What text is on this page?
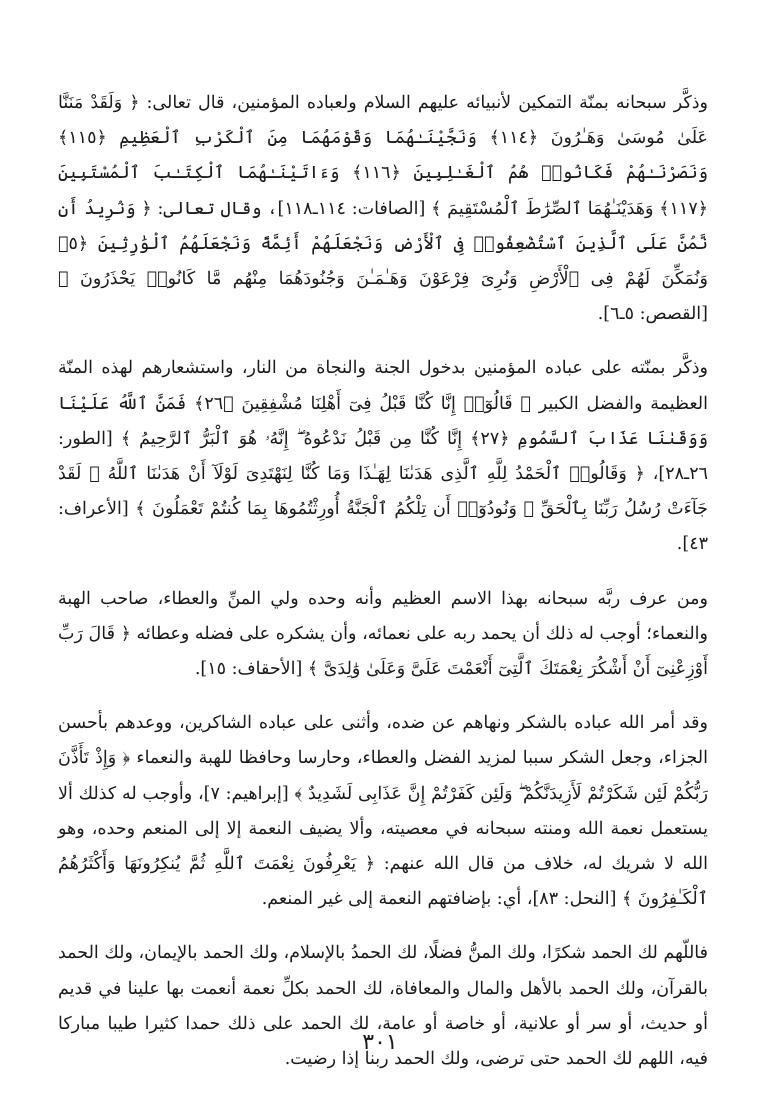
وذكَّر سبحانه بمنّة التمكين لأنبيائه عليهم السلام ولعباده المؤمنين، قال تعالى: ﴿ وَلَقَدْ مَنَنَّا عَلَىٰ مُوسَىٰ وَهَـٰرُونَ ﴿١١٤﴾ وَنَجَّيْنَـٰهُمَا وَقَوْمَهُمَا مِنَ ٱلْكَرْبِ ٱلْعَظِيمِ ﴿١١٥﴾ وَنَصَرْنَـٰهُمْ فَكَانُوا۟ هُمُ ٱلْغَـٰلِبِينَ ﴿١١٦﴾ وَءَاتَيْنَـٰهُمَا ٱلْكِتَـٰبَ ٱلْمُسْتَبِينَ ﴿١١٧﴾ وَهَدَيْنَـٰهُمَا ٱلصِّرَٰطَ ٱلْمُسْتَقِيمَ ﴾ [الصافات: ١١٤ـ١١٨]، وقال تعالى: ﴿ وَنُرِيدُ أَن نَّمُنَّ عَلَى ٱلَّذِينَ ٱسْتُضْعِفُوا۟ فِى ٱلْأَرْضِ وَنَجْعَلَهُمْ أَئِمَّةً وَنَجْعَلَهُمُ ٱلْوَٰرِثِينَ ﴿٥﴾ وَنُمَكِّنَ لَهُمْ فِى ٱلْأَرْضِ وَنُرِىَ فِرْعَوْنَ وَهَـٰمَـٰنَ وَجُنُودَهُمَا مِنْهُم مَّا كَانُوا۟ يَحْذَرُونَ ﴾ [القصص: ٥ـ٦].

وذكَّر بمنّته على عباده المؤمنين بدخول الجنة والنجاة من النار، واستشعارهم لهذه المنّة العظيمة والفضل الكبير ﴿ قَالُوٓا۟ إِنَّا كُنَّا قَبْلُ فِىٓ أَهْلِنَا مُشْفِقِينَ ﴿٢٦﴾ فَمَنَّ ٱللَّهُ عَلَيْنَا وَوَقَىٰنَا عَذَابَ ٱلسَّمُومِ ﴿٢٧﴾ إِنَّا كُنَّا مِن قَبْلُ نَدْعُوهُ ۖ إِنَّهُۥ هُوَ ٱلْبَرُّ ٱلرَّحِيمُ ﴾ [الطور: ٢٦ـ٢٨]، ﴿ وَقَالُوا۟ ٱلْحَمْدُ لِلَّهِ ٱلَّذِى هَدَىٰنَا لِهَـٰذَا وَمَا كُنَّا لِنَهْتَدِىَ لَوْلَآ أَنْ هَدَىٰنَا ٱللَّهُ ۖ لَقَدْ جَآءَتْ رُسُلُ رَبِّنَا بِٱلْحَقِّ ۖ وَنُودُوٓا۟ أَن تِلْكُمُ ٱلْجَنَّةُ أُورِثْتُمُوهَا بِمَا كُنتُمْ تَعْمَلُونَ ﴾ [الأعراف: ٤٣].

ومن عرف ربَّه سبحانه بهذا الاسم العظيم وأنه وحده ولي المنِّ والعطاء، صاحب الهبة والنعماء؛ أوجب له ذلك أن يحمد ربه على نعمائه، وأن يشكره على فضله وعطائه ﴿ قَالَ رَبِّ أَوْزِعْنِىٓ أَنْ أَشْكُرَ نِعْمَتَكَ ٱلَّتِىٓ أَنْعَمْتَ عَلَىَّ وَعَلَىٰ وَٰلِدَىَّ ﴾ [الأحقاف: ١٥].

وقد أمر الله عباده بالشكر ونهاهم عن ضده، وأثنى على عباده الشاكرين، ووعدهم بأحسن الجزاء، وجعل الشكر سببا لمزيد الفضل والعطاء، وحارسا وحافظا للهبة والنعماء ﴿ وَإِذْ تَأَذَّنَ رَبُّكُمْ لَئِن شَكَرْتُمْ لَأَزِيدَنَّكُمْ ۖ وَلَئِن كَفَرْتُمْ إِنَّ عَذَابِى لَشَدِيدٌ ﴾ [إبراهيم: ٧]، وأوجب له كذلك ألا يستعمل نعمة الله ومنته سبحانه في معصيته، وألا يضيف النعمة إلا إلى المنعم وحده، وهو الله لا شريك له، خلاف من قال الله عنهم: ﴿ يَعْرِفُونَ نِعْمَتَ ٱللَّهِ ثُمَّ يُنكِرُونَهَا وَأَكْثَرُهُمُ ٱلْكَـٰفِرُونَ ﴾ [النحل: ٨٣]، أي: بإضافتهم النعمة إلى غير المنعم.

فاللّهم لك الحمد شكرًا، ولك المنُّ فضلًا، لك الحمدُ بالإسلام، ولك الحمد بالإيمان، ولك الحمد بالقرآن، ولك الحمد بالأهل والمال والمعافاة، لك الحمد بكلِّ نعمة أنعمت بها علينا في قديم أو حديث، أو سر أو علانية، أو خاصة أو عامة، لك الحمد على ذلك حمدا كثيرا طيبا مباركا فيه، اللهم لك الحمد حتى ترضى، ولك الحمد ربنا إذا رضيت.

٣٠١
